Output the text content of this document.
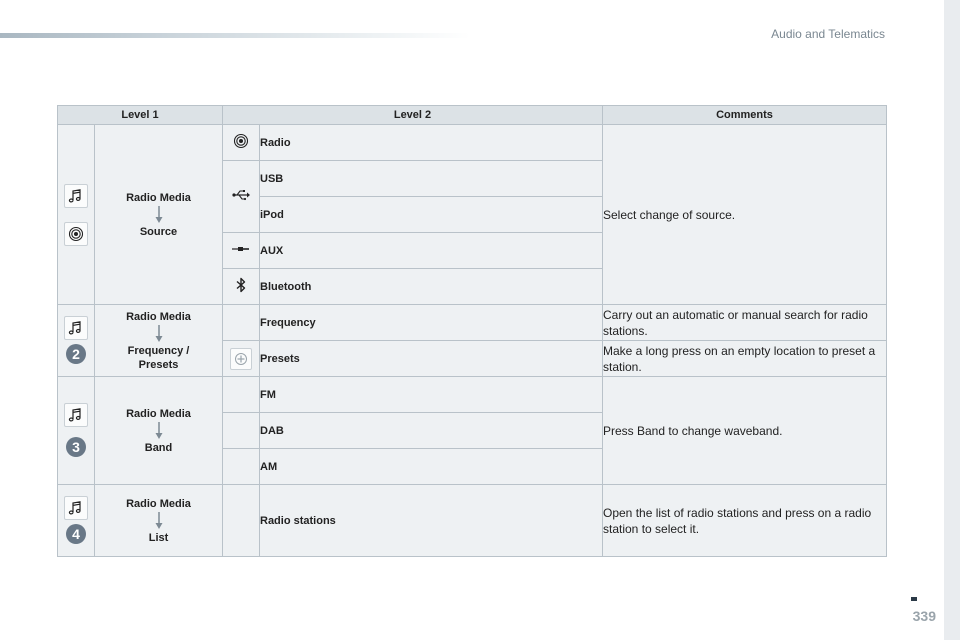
Audio and Telematics
Level 1		Level 2		Comments

Radio Media
Source		Radio	Select change of source.
	USB	
			iPod	
	AUX	
	Bluetooth	

2	Radio Media
Frequency /
Presets		Frequency	Carry out an automatic or manual search for radio stations.

	Presets	Make a long press on an empty location to preset a station.

3	Radio Media
Band		FM	Press Band to change waveband.
			DAB	
			AM	

4	Radio Media
List		Radio stations	Open the list of radio stations and press on a radio station to select it.
339
